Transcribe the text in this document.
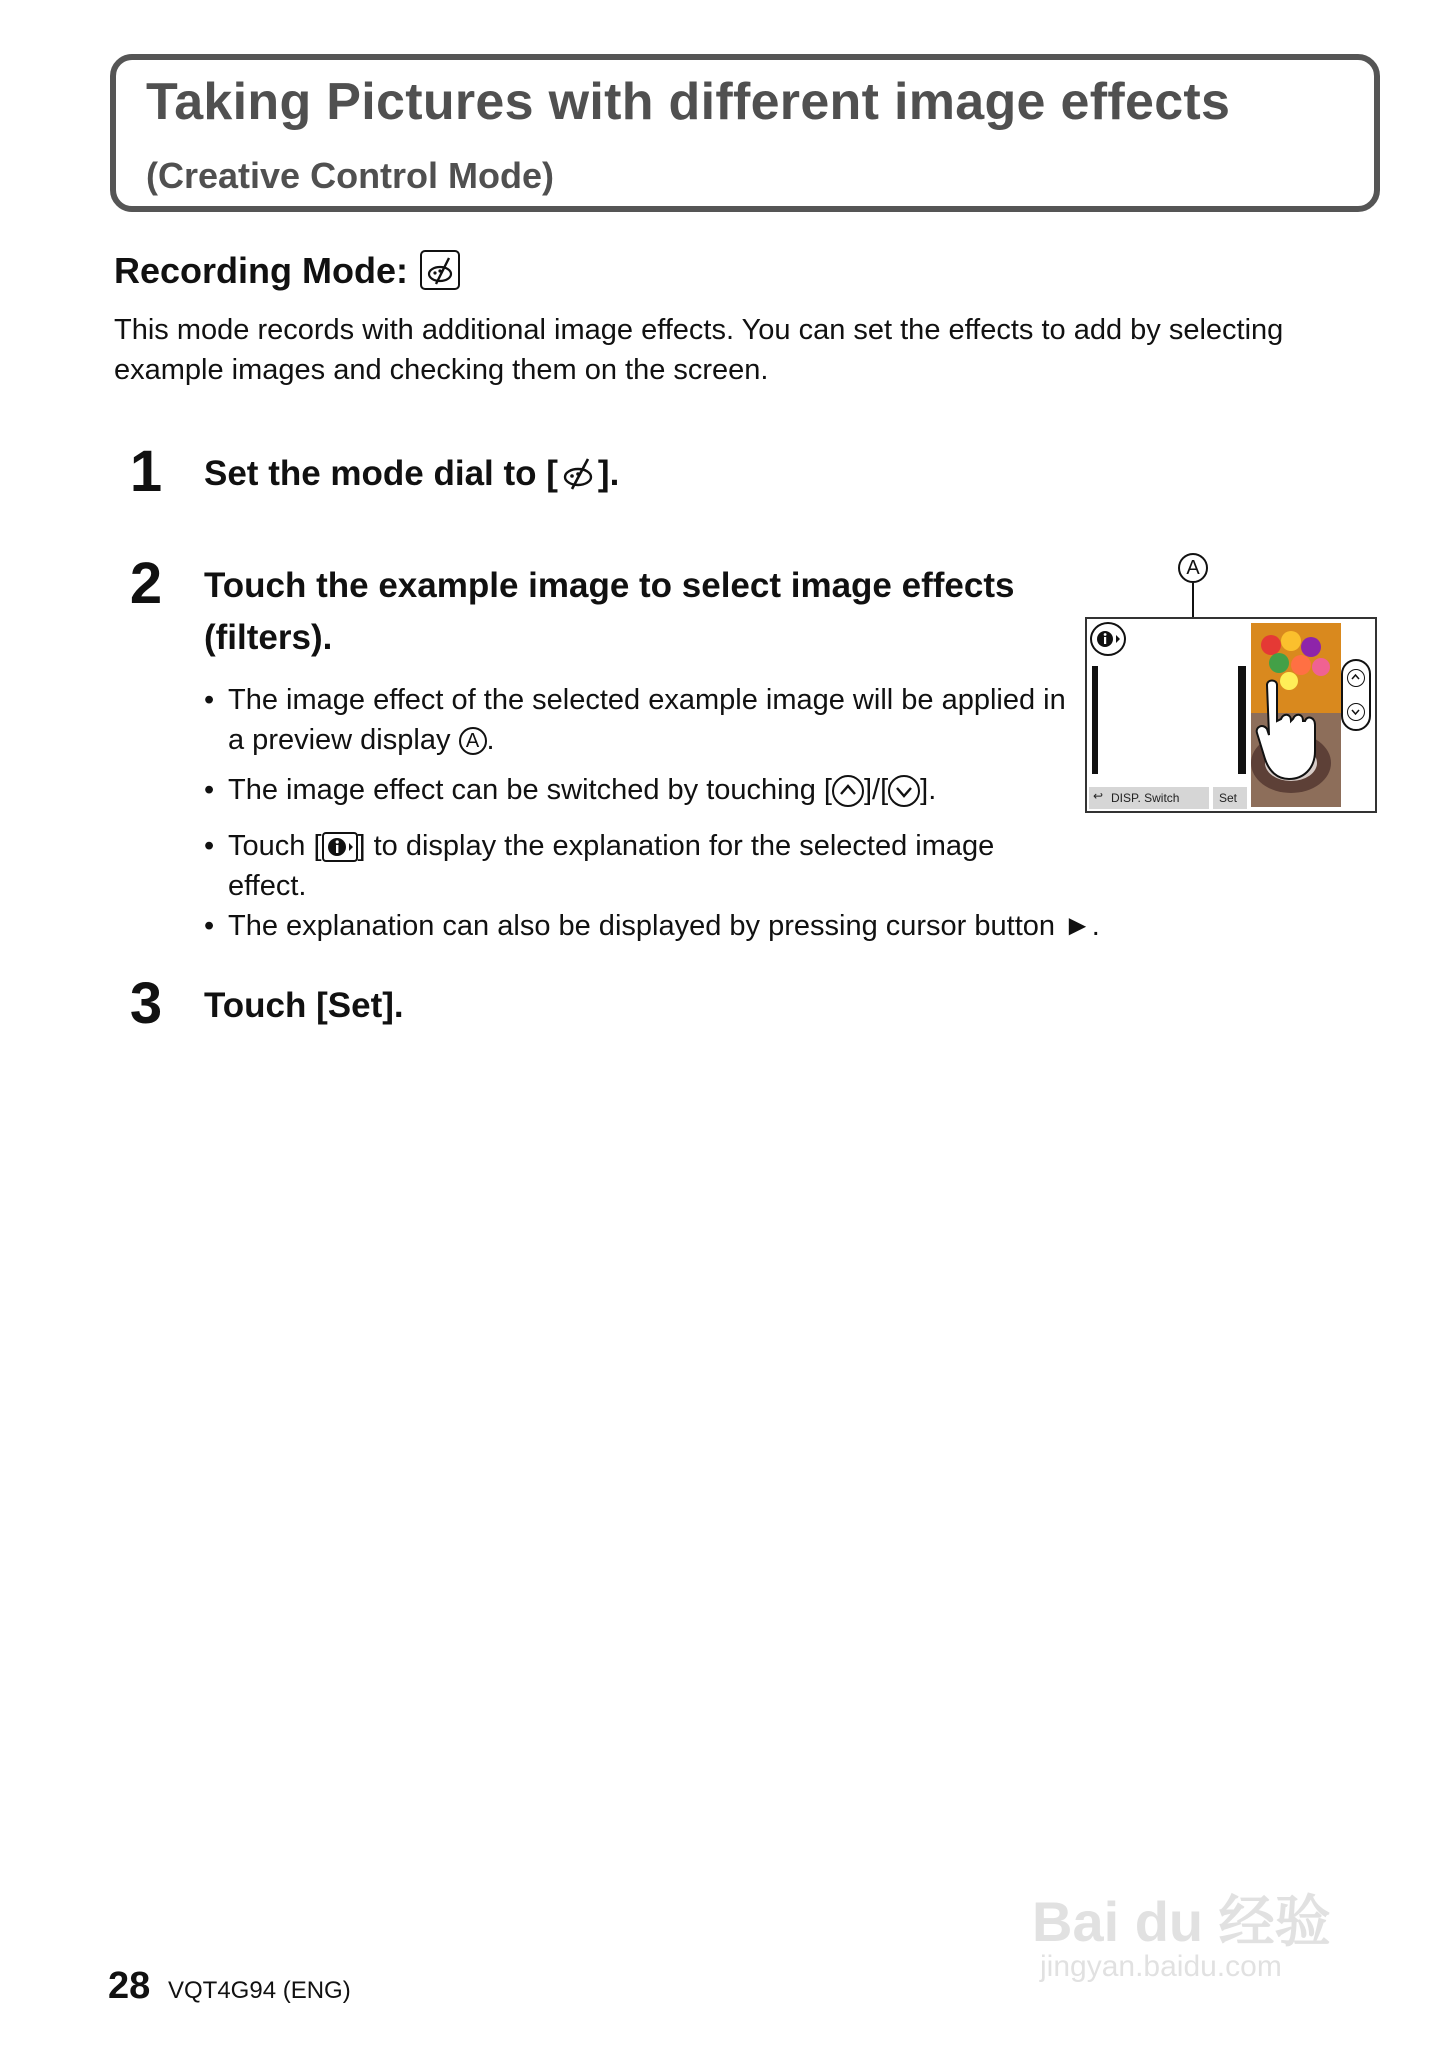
Taking Pictures with different image effects
(Creative Control Mode)
Recording Mode:
This mode records with additional image effects. You can set the effects to add by selecting example images and checking them on the screen.
1	Set the mode dial to [ ].
2	Touch the example image to select image effects (filters).
• The image effect of the selected example image will be applied in a preview display A .
• The image effect can be switched by touching [ ]/[ ].
• Touch [ ] to display the explanation for the selected image effect.
• The explanation can also be displayed by pressing cursor button ►.
3	Touch [Set].
A
↩ DISP. Switch	Set
28 VQT4G94 (ENG)
Bai du 经验
jingyan.baidu.com
